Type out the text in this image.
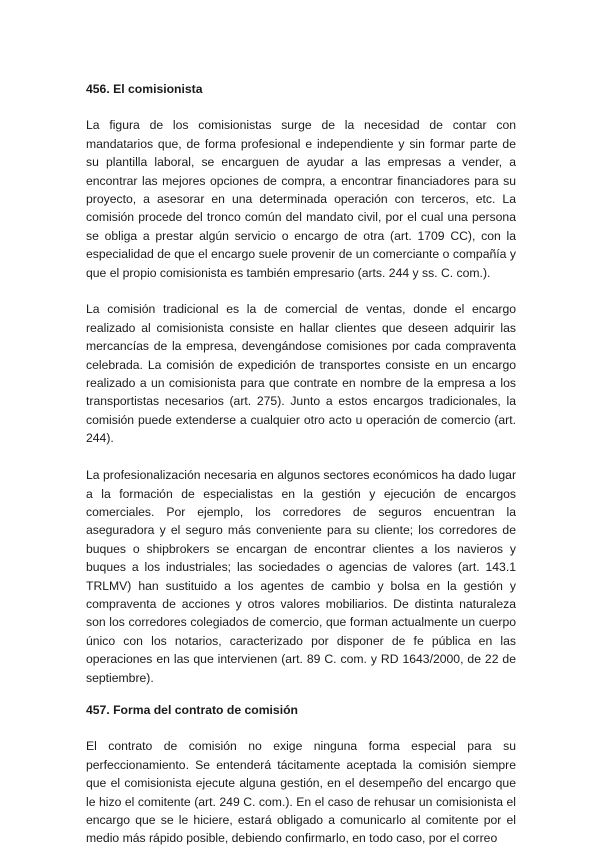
456. El comisionista

La figura de los comisionistas surge de la necesidad de contar con mandatarios que, de forma profesional e independiente y sin formar parte de su plantilla laboral, se encarguen de ayudar a las empresas a vender, a encontrar las mejores opciones de compra, a encontrar financiadores para su proyecto, a asesorar en una determinada operación con terceros, etc. La comisión procede del tronco común del mandato civil, por el cual una persona se obliga a prestar algún servicio o encargo de otra (art. 1709 CC), con la especialidad de que el encargo suele provenir de un comerciante o compañía y que el propio comisionista es también empresario (arts. 244 y ss. C. com.).

La comisión tradicional es la de comercial de ventas, donde el encargo realizado al comisionista consiste en hallar clientes que deseen adquirir las mercancías de la empresa, devengándose comisiones por cada compraventa celebrada. La comisión de expedición de transportes consiste en un encargo realizado a un comisionista para que contrate en nombre de la empresa a los transportistas necesarios (art. 275). Junto a estos encargos tradicionales, la comisión puede extenderse a cualquier otro acto u operación de comercio (art. 244).

La profesionalización necesaria en algunos sectores económicos ha dado lugar a la formación de especialistas en la gestión y ejecución de encargos comerciales. Por ejemplo, los corredores de seguros encuentran la aseguradora y el seguro más conveniente para su cliente; los corredores de buques o shipbrokers se encargan de encontrar clientes a los navieros y buques a los industriales; las sociedades o agencias de valores (art. 143.1 TRLMV) han sustituido a los agentes de cambio y bolsa en la gestión y compraventa de acciones y otros valores mobiliarios. De distinta naturaleza son los corredores colegiados de comercio, que forman actualmente un cuerpo único con los notarios, caracterizado por disponer de fe pública en las operaciones en las que intervienen (art. 89 C. com. y RD 1643/2000, de 22 de septiembre).

457. Forma del contrato de comisión

El contrato de comisión no exige ninguna forma especial para su perfeccionamiento. Se entenderá tácitamente aceptada la comisión siempre que el comisionista ejecute alguna gestión, en el desempeño del encargo que le hizo el comitente (art. 249 C. com.). En el caso de rehusar un comisionista el encargo que se le hiciere, estará obligado a comunicarlo al comitente por el medio más rápido posible, debiendo confirmarlo, en todo caso, por el correo
